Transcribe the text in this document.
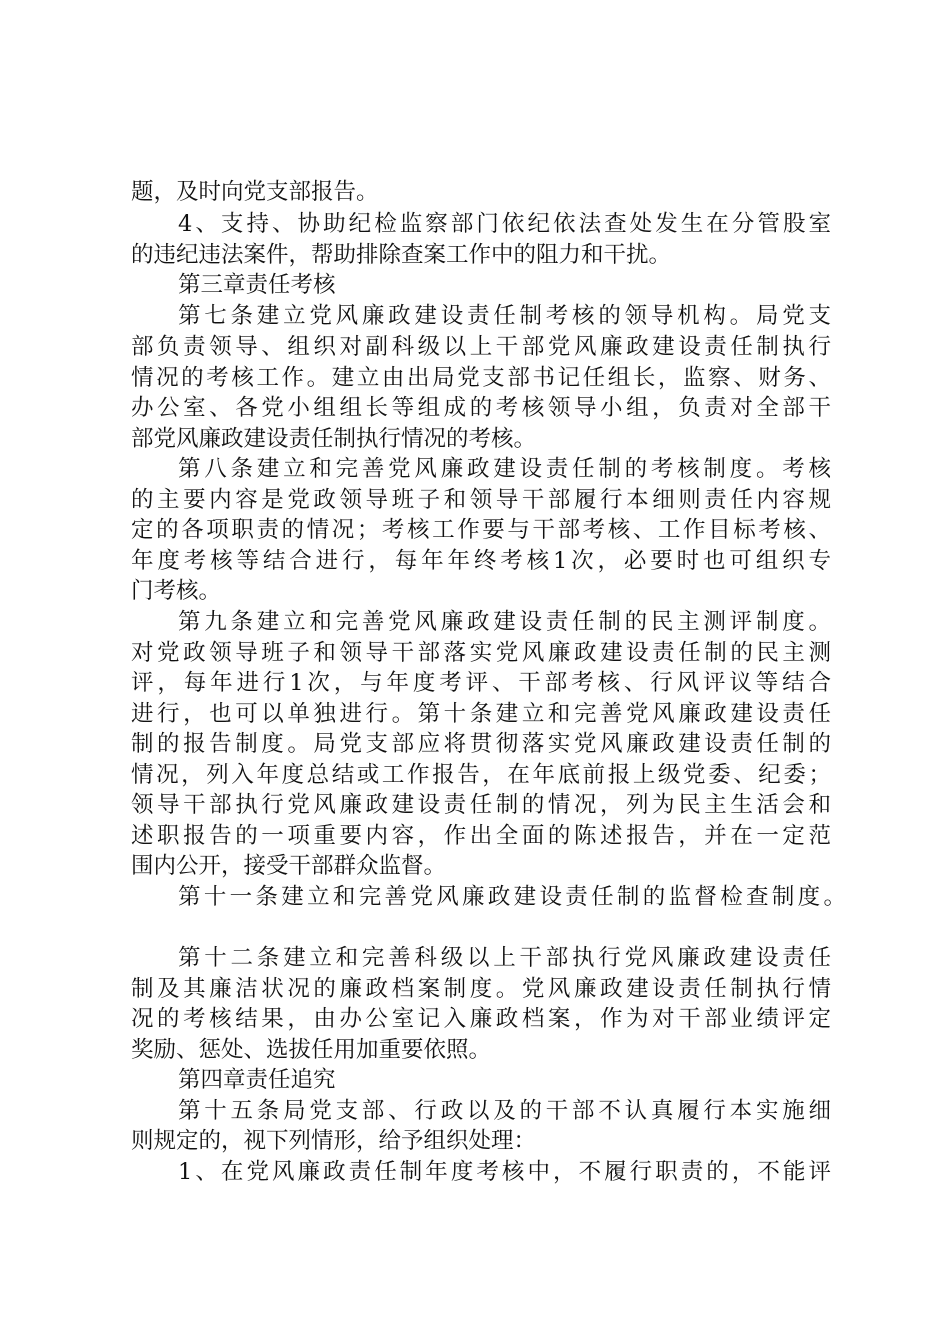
题，及时向党支部报告。
4、支持、协助纪检监察部门依纪依法查处发生在分管股室
的违纪违法案件，帮助排除查案工作中的阻力和干扰。
第三章责任考核
第七条建立党风廉政建设责任制考核的领导机构。局党支
部负责领导、组织对副科级以上干部党风廉政建设责任制执行
情况的考核工作。建立由出局党支部书记任组长，监察、财务、
办公室、各党小组组长等组成的考核领导小组，负责对全部干
部党风廉政建设责任制执行情况的考核。
第八条建立和完善党风廉政建设责任制的考核制度。考核
的主要内容是党政领导班子和领导干部履行本细则责任内容规
定的各项职责的情况；考核工作要与干部考核、工作目标考核、
年度考核等结合进行，每年年终考核1次，必要时也可组织专
门考核。
第九条建立和完善党风廉政建设责任制的民主测评制度。
对党政领导班子和领导干部落实党风廉政建设责任制的民主测
评，每年进行1次，与年度考评、干部考核、行风评议等结合
进行，也可以单独进行。第十条建立和完善党风廉政建设责任
制的报告制度。局党支部应将贯彻落实党风廉政建设责任制的
情况，列入年度总结或工作报告，在年底前报上级党委、纪委；
领导干部执行党风廉政建设责任制的情况，列为民主生活会和
述职报告的一项重要内容，作出全面的陈述报告，并在一定范
围内公开，接受干部群众监督。
第十一条建立和完善党风廉政建设责任制的监督检查制度。
第十二条建立和完善科级以上干部执行党风廉政建设责任
制及其廉洁状况的廉政档案制度。党风廉政建设责任制执行情
况的考核结果，由办公室记入廉政档案，作为对干部业绩评定
奖励、惩处、选拔任用加重要依照。
第四章责任追究
第十五条局党支部、行政以及的干部不认真履行本实施细
则规定的，视下列情形，给予组织处理：
1、在党风廉政责任制年度考核中，不履行职责的，不能评
